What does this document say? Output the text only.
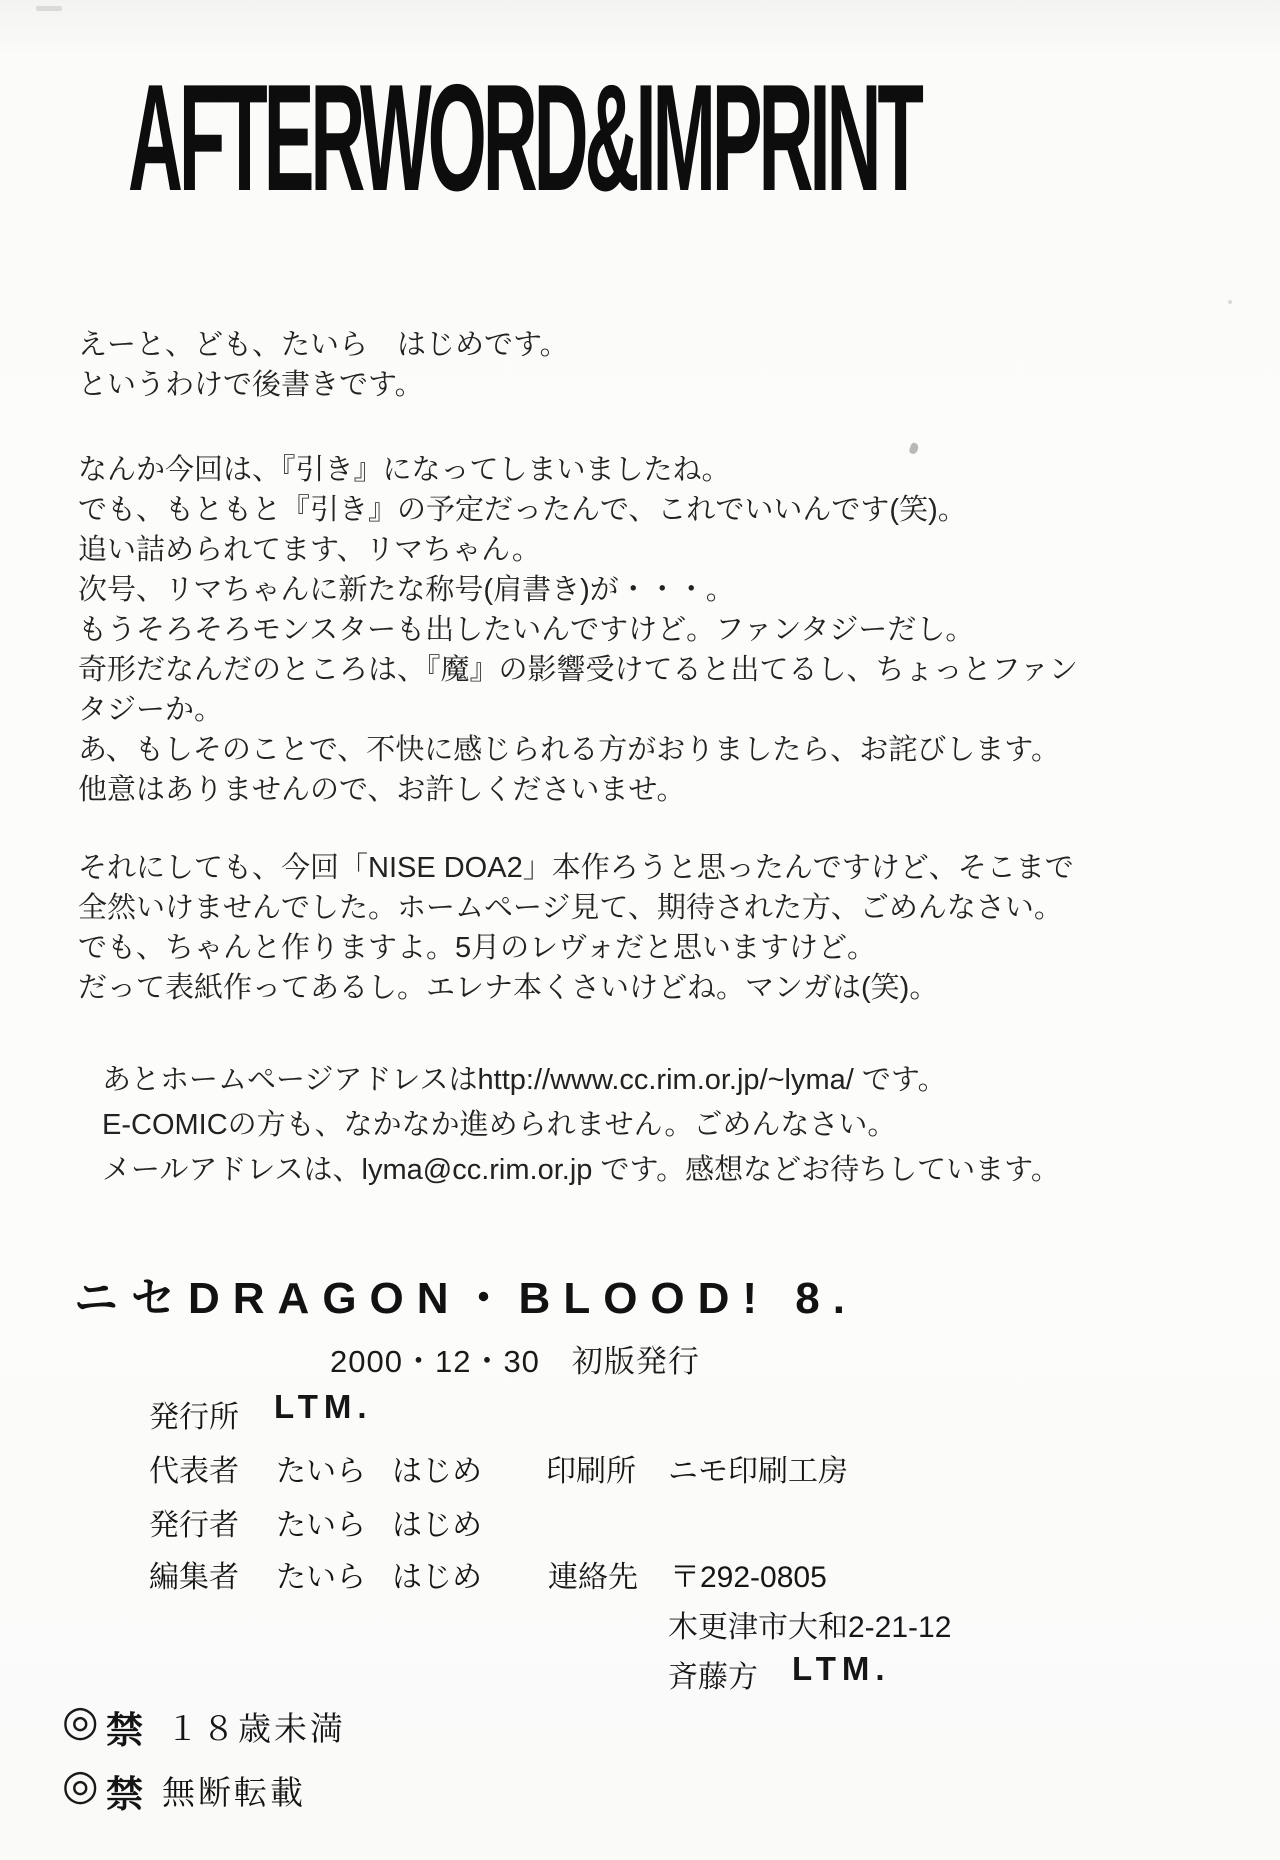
AFTERWORD&IMPRINT

えーと、ども、たいら　はじめです。

というわけで後書きです。

なんか今回は、『引き』になってしまいましたね。

でも、もともと『引き』の予定だったんで、これでいいんです(笑)。

追い詰められてます、リマちゃん。

次号、リマちゃんに新たな称号(肩書き)が・・・。

もうそろそろモンスターも出したいんですけど。ファンタジーだし。

奇形だなんだのところは、『魔』の影響受けてると出てるし、ちょっとファン

タジーか。

あ、もしそのことで、不快に感じられる方がおりましたら、お詫びします。

他意はありませんので、お許しくださいませ。

それにしても、今回「NISE DOA2」本作ろうと思ったんですけど、そこまで

全然いけませんでした。ホームページ見て、期待された方、ごめんなさい。

でも、ちゃんと作りますよ。5月のレヴォだと思いますけど。

だって表紙作ってあるし。エレナ本くさいけどね。マンガは(笑)。

あとホームページアドレスはhttp://www.cc.rim.or.jp/~lyma/ です。

E-COMICの方も、なかなか進められません。ごめんなさい。

メールアドレスは、lyma@cc.rim.or.jp です。感想などお待ちしています。

ニセDRAGON・BLOOD! 8.
2000・12・30　初版発行
発行所 LTM.
代表者 たいら はじめ 印刷所 ニモ印刷工房
発行者 たいら はじめ
編集者 たいら はじめ 連絡先 〒292-0805
木更津市大和2-21-12
斉藤方 LTM.
◎ 禁 １８歳未満
◎ 禁 無断転載
